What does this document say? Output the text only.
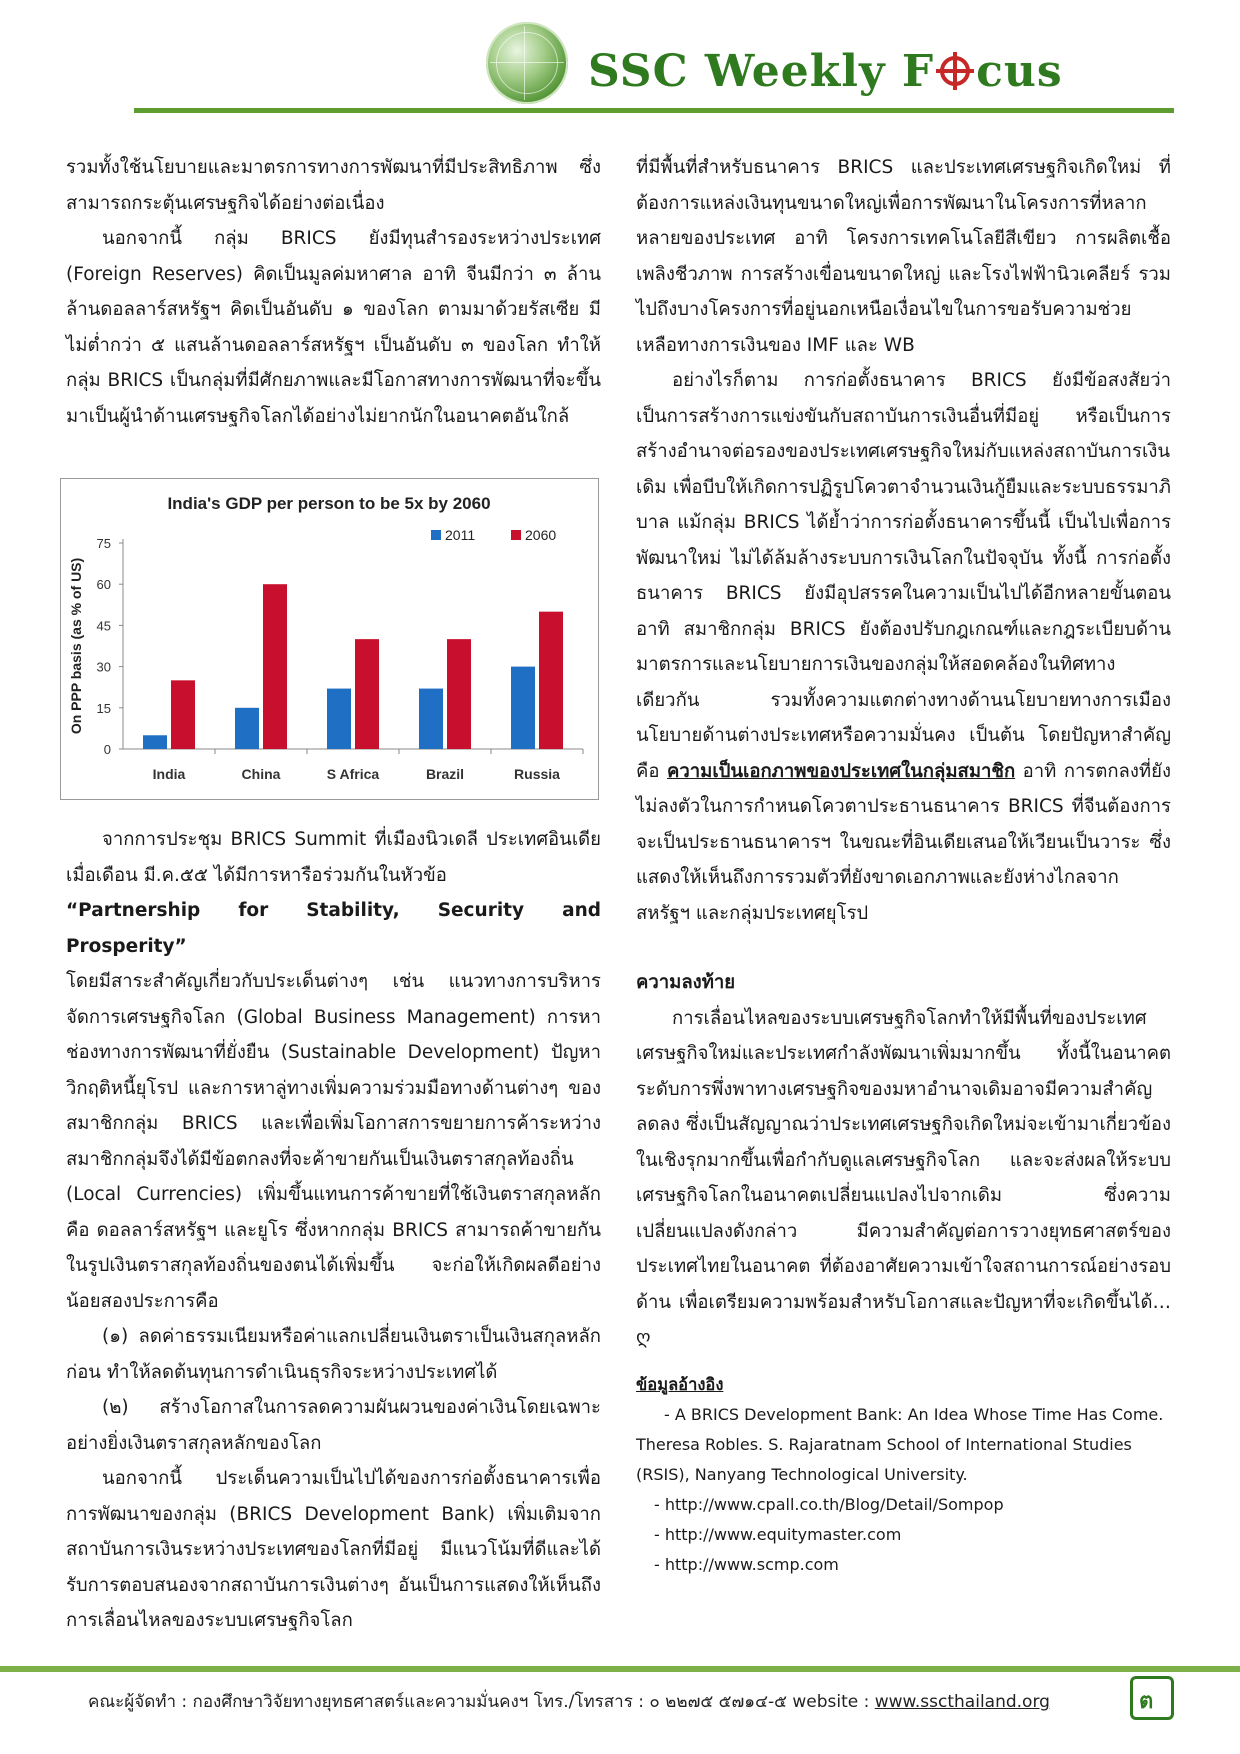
SSC Weekly F cus

รวมทั้งใช้นโยบายและมาตรการทางการพัฒนาที่มีประสิทธิภาพ ซึ่งสามารถกระตุ้นเศรษฐกิจได้อย่างต่อเนื่อง

นอกจากนี้ กลุ่ม BRICS ยังมีทุนสำรองระหว่างประเทศ (Foreign Reserves) คิดเป็นมูลค่มหาศาล อาทิ จีนมีกว่า ๓ ล้านล้านดอลลาร์สหรัฐฯ คิดเป็นอันดับ ๑ ของโลก ตามมาด้วยรัสเซีย มีไม่ต่ำกว่า ๕ แสนล้านดอลลาร์สหรัฐฯ เป็นอันดับ ๓ ของโลก ทำให้กลุ่ม BRICS เป็นกลุ่มที่มีศักยภาพและมีโอกาสทางการพัฒนาที่จะขึ้นมาเป็นผู้นำด้านเศรษฐกิจโลกได้อย่างไม่ยากนักในอนาคตอันใกล้

India's GDP per person to be 5x by 2060
On PPP basis (as % of US)
0
15
30
45
60
75
India	China	S Africa	Brazil	Russia
2011	2060

จากการประชุม BRICS Summit ที่เมืองนิวเดลี ประเทศอินเดีย เมื่อเดือน มี.ค.๕๕ ได้มีการหารือร่วมกันในหัวข้อ

“Partnership for Stability, Security and Prosperity”

โดยมีสาระสำคัญเกี่ยวกับประเด็นต่างๆ เช่น แนวทางการบริหารจัดการเศรษฐกิจโลก (Global Business Management) การหาช่องทางการพัฒนาที่ยั่งยืน (Sustainable Development) ปัญหาวิกฤติหนี้ยุโรป และการหาลู่ทางเพิ่มความร่วมมือทางด้านต่างๆ ของสมาชิกกลุ่ม BRICS และเพื่อเพิ่มโอกาสการขยายการค้าระหว่างสมาชิกกลุ่มจึงได้มีข้อตกลงที่จะค้าขายกันเป็นเงินตราสกุลท้องถิ่น (Local Currencies) เพิ่มขึ้นแทนการค้าขายที่ใช้เงินตราสกุลหลัก คือ ดอลลาร์สหรัฐฯ และยูโร ซึ่งหากกลุ่ม BRICS สามารถค้าขายกันในรูปเงินตราสกุลท้องถิ่นของตนได้เพิ่มขึ้น จะก่อให้เกิดผลดีอย่างน้อยสองประการคือ

(๑) ลดค่าธรรมเนียมหรือค่าแลกเปลี่ยนเงินตราเป็นเงินสกุลหลักก่อน ทำให้ลดต้นทุนการดำเนินธุรกิจระหว่างประเทศได้

(๒) สร้างโอกาสในการลดความผันผวนของค่าเงินโดยเฉพาะอย่างยิ่งเงินตราสกุลหลักของโลก

นอกจากนี้ ประเด็นความเป็นไปได้ของการก่อตั้งธนาคารเพื่อการพัฒนาของกลุ่ม (BRICS Development Bank) เพิ่มเติมจากสถาบันการเงินระหว่างประเทศของโลกที่มีอยู่ มีแนวโน้มที่ดีและได้รับการตอบสนองจากสถาบันการเงินต่างๆ อันเป็นการแสดงให้เห็นถึงการเลื่อนไหลของระบบเศรษฐกิจโลก

ที่มีพื้นที่สำหรับธนาคาร BRICS และประเทศเศรษฐกิจเกิดใหม่ ที่ต้องการแหล่งเงินทุนขนาดใหญ่เพื่อการพัฒนาในโครงการที่หลากหลายของประเทศ อาทิ โครงการเทคโนโลยีสีเขียว การผลิตเชื้อเพลิงชีวภาพ การสร้างเขื่อนขนาดใหญ่ และโรงไฟฟ้านิวเคลียร์ รวมไปถึงบางโครงการที่อยู่นอกเหนือเงื่อนไขในการขอรับความช่วยเหลือทางการเงินของ IMF และ WB

อย่างไรก็ตาม การก่อตั้งธนาคาร BRICS ยังมีข้อสงสัยว่าเป็นการสร้างการแข่งขันกับสถาบันการเงินอื่นที่มีอยู่ หรือเป็นการสร้างอำนาจต่อรองของประเทศเศรษฐกิจใหม่กับแหล่งสถาบันการเงินเดิม เพื่อบีบให้เกิดการปฏิรูปโควตาจำนวนเงินกู้ยืมและระบบธรรมาภิบาล แม้กลุ่ม BRICS ได้ย้ำว่าการก่อตั้งธนาคารขึ้นนี้ เป็นไปเพื่อการพัฒนาใหม่ ไม่ได้ล้มล้างระบบการเงินโลกในปัจจุบัน ทั้งนี้ การก่อตั้งธนาคาร BRICS ยังมีอุปสรรคในความเป็นไปได้อีกหลายขั้นตอน อาทิ สมาชิกกลุ่ม BRICS ยังต้องปรับกฎเกณฑ์และกฎระเบียบด้านมาตรการและนโยบายการเงินของกลุ่มให้สอดคล้องในทิศทางเดียวกัน รวมทั้งความแตกต่างทางด้านนโยบายทางการเมือง นโยบายด้านต่างประเทศหรือความมั่นคง เป็นต้น โดยปัญหาสำคัญ คือ ความเป็นเอกภาพของประเทศในกลุ่มสมาชิก อาทิ การตกลงที่ยังไม่ลงตัวในการกำหนดโควตาประธานธนาคาร BRICS ที่จีนต้องการจะเป็นประธานธนาคารฯ ในขณะที่อินเดียเสนอให้เวียนเป็นวาระ ซึ่งแสดงให้เห็นถึงการรวมตัวที่ยังขาดเอกภาพและยังห่างไกลจากสหรัฐฯ และกลุ่มประเทศยุโรป

ความลงท้าย

การเลื่อนไหลของระบบเศรษฐกิจโลกทำให้มีพื้นที่ของประเทศเศรษฐกิจใหม่และประเทศกำลังพัฒนาเพิ่มมากขึ้น ทั้งนี้ในอนาคตระดับการพึ่งพาทางเศรษฐกิจของมหาอำนาจเดิมอาจมีความสำคัญลดลง ซึ่งเป็นสัญญาณว่าประเทศเศรษฐกิจเกิดใหม่จะเข้ามาเกี่ยวข้องในเชิงรุกมากขึ้นเพื่อกำกับดูแลเศรษฐกิจโลก และจะส่งผลให้ระบบเศรษฐกิจโลกในอนาคตเปลี่ยนแปลงไปจากเดิม ซึ่งความเปลี่ยนแปลงดังกล่าว มีความสำคัญต่อการวางยุทธศาสตร์ของประเทศไทยในอนาคต ที่ต้องอาศัยความเข้าใจสถานการณ์อย่างรอบด้าน เพื่อเตรียมความพร้อมสำหรับโอกาสและปัญหาที่จะเกิดขึ้นได้…ღ

ข้อมูลอ้างอิง

- A BRICS Development Bank: An Idea Whose Time Has Come.

Theresa Robles. S. Rajaratnam School of International Studies (RSIS), Nanyang Technological University.

- http://www.cpall.co.th/Blog/Detail/Sompop

- http://www.equitymaster.com

- http://www.scmp.com

คณะผู้จัดทำ : กองศึกษาวิจัยทางยุทธศาสตร์และความมั่นคงฯ โทร./โทรสาร : ๐ ๒๒๗๕ ๕๗๑๔-๕ website : www.sscthailand.org	ต
